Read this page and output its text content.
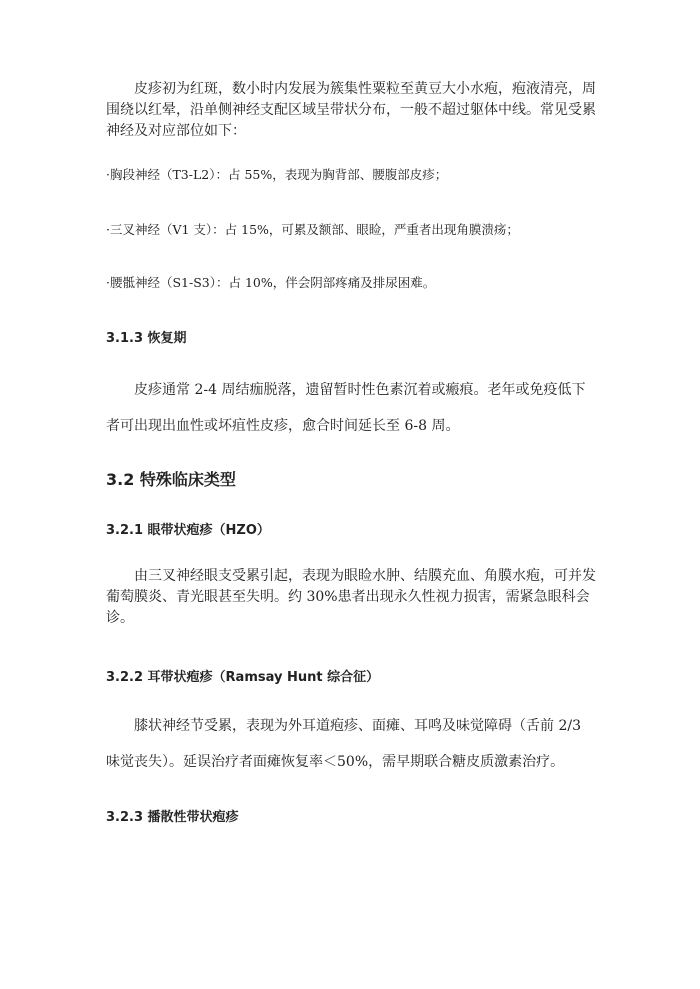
皮疹初为红斑，数小时内发展为簇集性粟粒至黄豆大小水疱，疱液清亮，周围绕以红晕，沿单侧神经支配区域呈带状分布，一般不超过躯体中线。常见受累神经及对应部位如下：

·胸段神经（T3-L2）：占 55%，表现为胸背部、腰腹部皮疹；

·三叉神经（V1 支）：占 15%，可累及额部、眼睑，严重者出现角膜溃疡；

·腰骶神经（S1-S3）：占 10%，伴会阴部疼痛及排尿困难。

3.1.3 恢复期

皮疹通常 2-4 周结痂脱落，遗留暂时性色素沉着或瘢痕。老年或免疫低下者可出现出血性或坏疽性皮疹，愈合时间延长至 6-8 周。

3.2 特殊临床类型
3.2.1 眼带状疱疹（HZO）

由三叉神经眼支受累引起，表现为眼睑水肿、结膜充血、角膜水疱，可并发葡萄膜炎、青光眼甚至失明。约 30%患者出现永久性视力损害，需紧急眼科会诊。

3.2.2 耳带状疱疹（Ramsay Hunt 综合征）

膝状神经节受累，表现为外耳道疱疹、面瘫、耳鸣及味觉障碍（舌前 2/3 味觉丧失）。延误治疗者面瘫恢复率＜50%，需早期联合糖皮质激素治疗。

3.2.3 播散性带状疱疹
